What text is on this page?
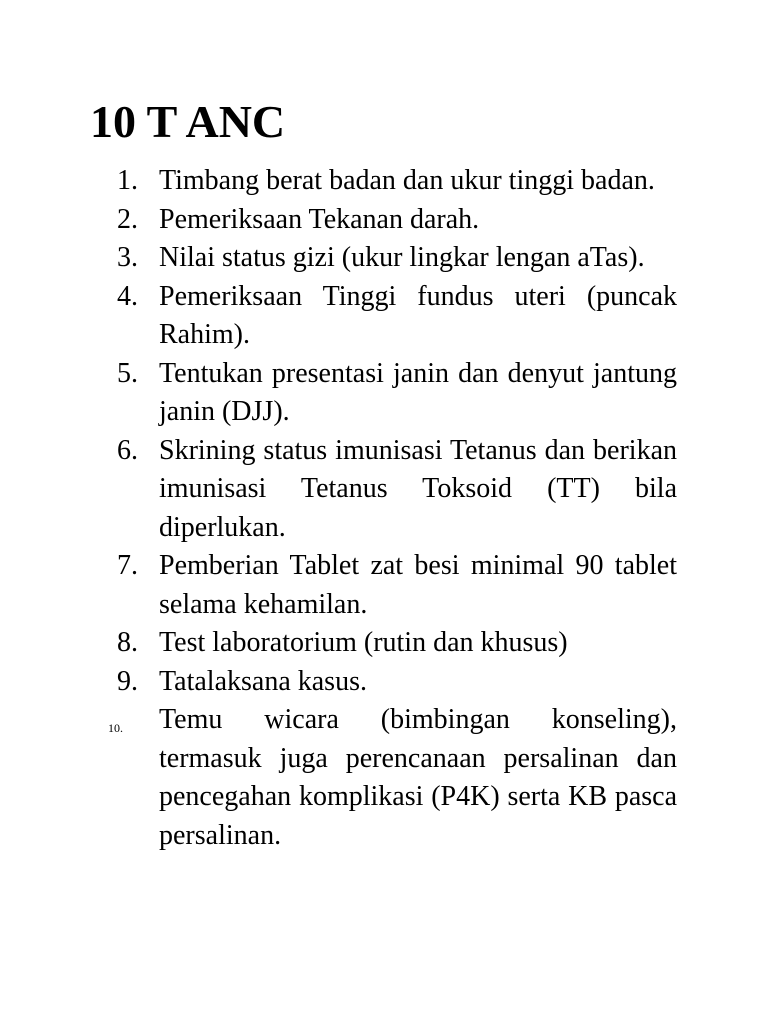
10 T ANC
1. Timbang berat badan dan ukur tinggi badan.
2. Pemeriksaan Tekanan darah.
3. Nilai status gizi (ukur lingkar lengan aTas).
4. Pemeriksaan Tinggi fundus uteri (puncak Rahim).
5. Tentukan presentasi janin dan denyut jantung janin (DJJ).
6. Skrining status imunisasi Tetanus dan berikan imunisasi Tetanus Toksoid (TT) bila diperlukan.
7. Pemberian Tablet zat besi minimal 90 tablet selama kehamilan.
8. Test laboratorium (rutin dan khusus)
9. Tatalaksana kasus.
10.	Temu wicara (bimbingan konseling), termasuk juga perencanaan persalinan dan pencegahan komplikasi (P4K) serta KB pasca persalinan.
